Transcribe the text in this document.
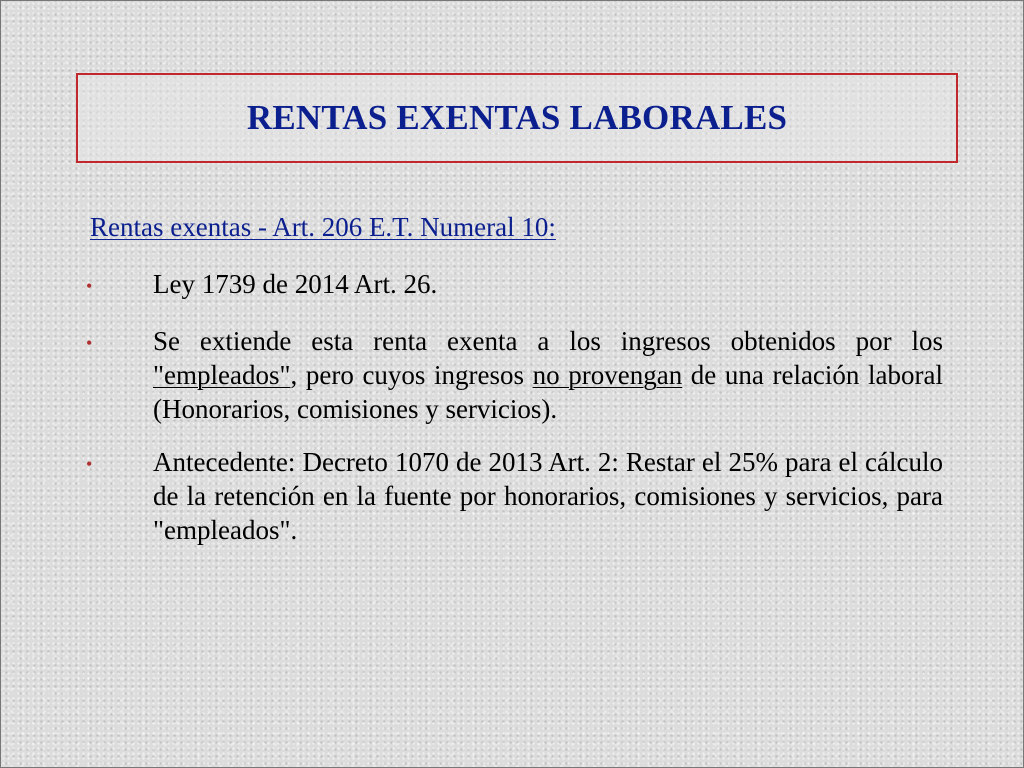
RENTAS EXENTAS LABORALES

Rentas exentas - Art. 206 E.T. Numeral 10:

•	Ley 1739 de 2014 Art. 26.

•	Se extiende esta renta exenta a los ingresos obtenidos por los "empleados", pero cuyos ingresos no provengan de una relación laboral (Honorarios, comisiones y servicios).

•	Antecedente: Decreto 1070 de 2013 Art. 2: Restar el 25% para el cálculo de la retención en la fuente por honorarios, comisiones y servicios, para "empleados".
